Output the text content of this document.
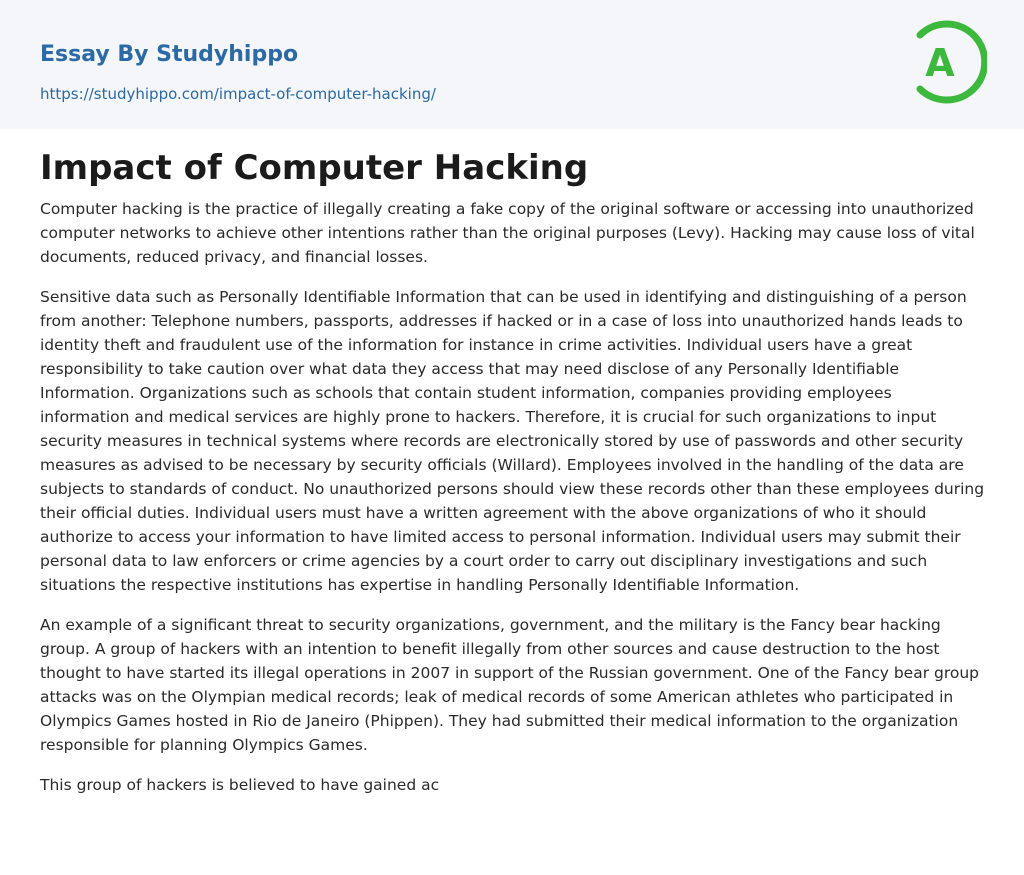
Essay By Studyhippo
https://studyhippo.com/impact-of-computer-hacking/
A
Impact of Computer Hacking

Computer hacking is the practice of illegally creating a fake copy of the original software or accessing into unauthorized computer networks to achieve other intentions rather than the original purposes (Levy). Hacking may cause loss of vital documents, reduced privacy, and financial losses.

Sensitive data such as Personally Identifiable Information that can be used in identifying and distinguishing of a person from another: Telephone numbers, passports, addresses if hacked or in a case of loss into unauthorized hands leads to identity theft and fraudulent use of the information for instance in crime activities. Individual users have a great responsibility to take caution over what data they access that may need disclose of any Personally Identifiable Information. Organizations such as schools that contain student information, companies providing employees information and medical services are highly prone to hackers. Therefore, it is crucial for such organizations to input security measures in technical systems where records are electronically stored by use of passwords and other security measures as advised to be necessary by security officials (Willard). Employees involved in the handling of the data are subjects to standards of conduct. No unauthorized persons should view these records other than these employees during their official duties. Individual users must have a written agreement with the above organizations of who it should authorize to access your information to have limited access to personal information. Individual users may submit their personal data to law enforcers or crime agencies by a court order to carry out disciplinary investigations and such situations the respective institutions has expertise in handling Personally Identifiable Information.

An example of a significant threat to security organizations, government, and the military is the Fancy bear hacking group. A group of hackers with an intention to benefit illegally from other sources and cause destruction to the host thought to have started its illegal operations in 2007 in support of the Russian government. One of the Fancy bear group attacks was on the Olympian medical records; leak of medical records of some American athletes who participated in Olympics Games hosted in Rio de Janeiro (Phippen). They had submitted their medical information to the organization responsible for planning Olympics Games.

This group of hackers is believed to have gained ac
